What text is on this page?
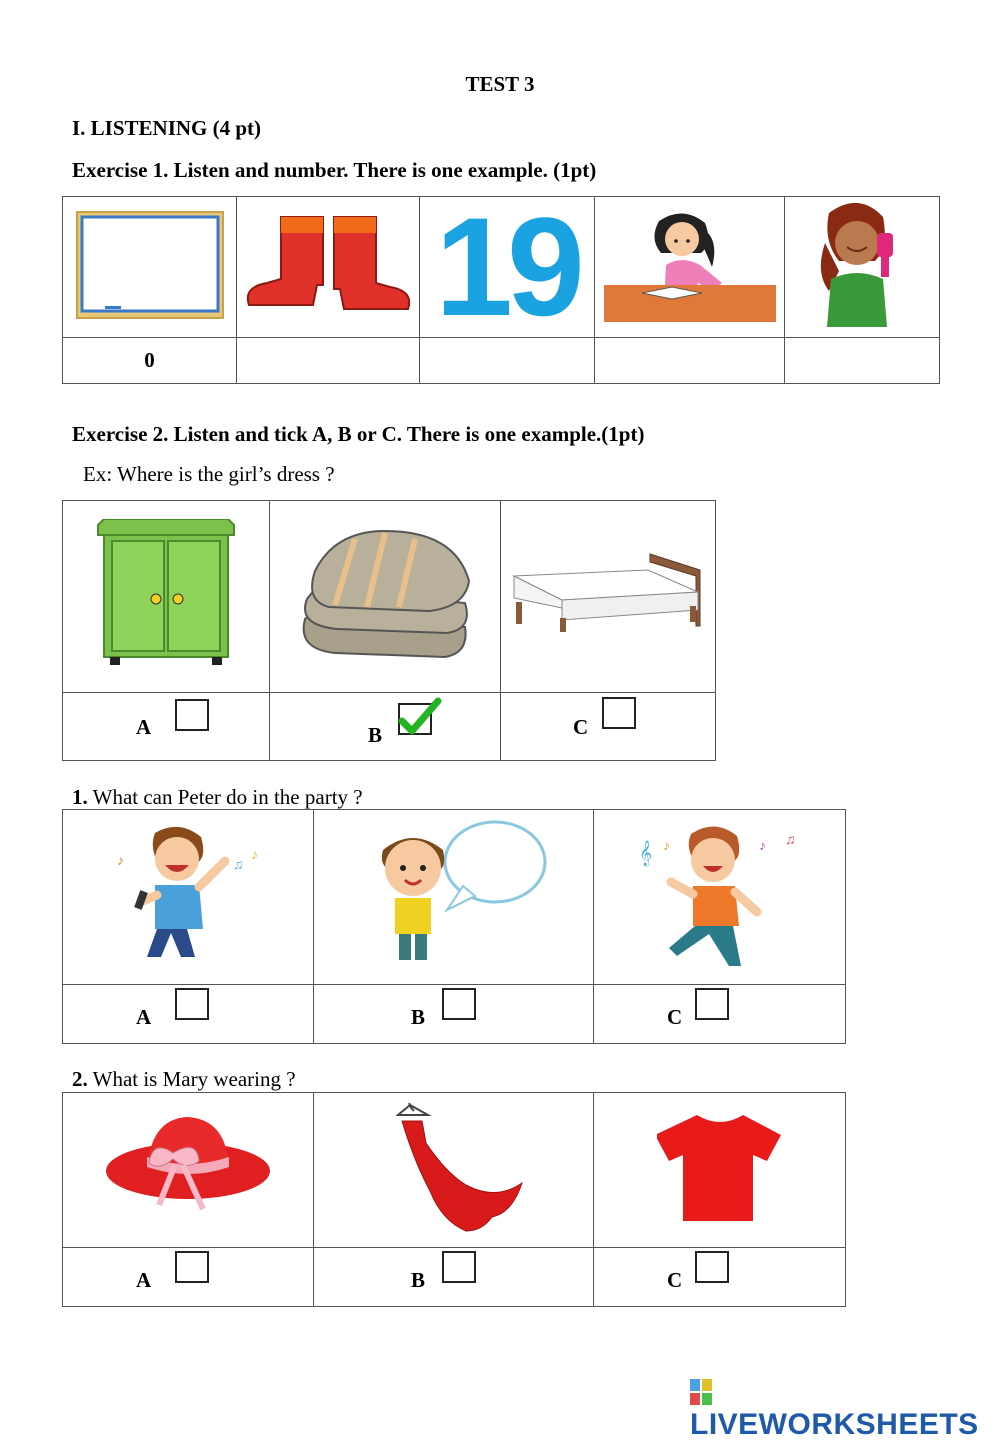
TEST 3
I. LISTENING (4 pt)
Exercise 1. Listen and number. There is one example. (1pt)
		19		
0				
Exercise 2. Listen and tick A, B or C. There is one example.(1pt)
Ex: Where is the girl’s dress ?

A	B	C
1. What can Peter do in the party ?
♪ ♫
♪		𝄞 ♪ ♪ ♫

A	B	C
2. What is Mary wearing ?

A	B	C
LIVEWORKSHEETS
